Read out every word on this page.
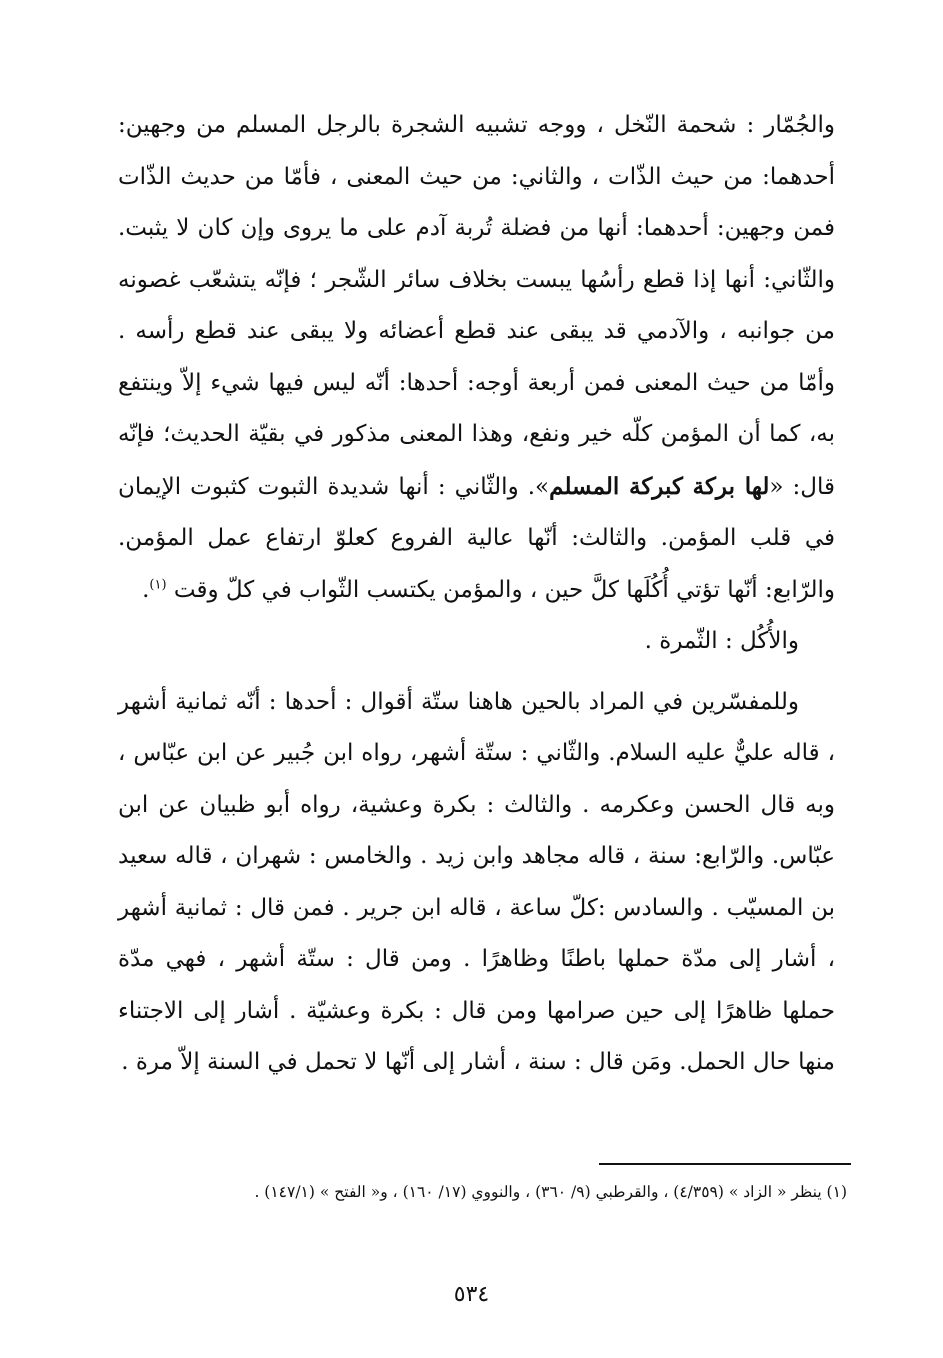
والجُمّار : شحمة النّخل ، ووجه تشبيه الشجرة بالرجل المسلم من وجهين: أحدهما: من حيث الذّات ، والثاني: من حيث المعنى ، فأمّا من حديث الذّات فمن وجهين: أحدهما: أنها من فضلة تُربة آدم على ما يروى وإن كان لا يثبت. والثّاني: أنها إذا قطع رأسُها يبست بخلاف سائر الشّجر ؛ فإنّه يتشعّب غصونه من جوانبه ، والآدمي قد يبقى عند قطع أعضائه ولا يبقى عند قطع رأسه . وأمّا من حيث المعنى فمن أربعة أوجه: أحدها: أنّه ليس فيها شيء إلاّ وينتفع به، كما أن المؤمن كلّه خير ونفع، وهذا المعنى مذكور في بقيّة الحديث؛ فإنّه قال: «لها بركة كبركة المسلم». والثّاني : أنها شديدة الثبوت كثبوت الإيمان في قلب المؤمن. والثالث: أنّها عالية الفروع كعلوّ ارتفاع عمل المؤمن. والرّابع: أنّها تؤتي أُكُلَها كلَّ حين ، والمؤمن يكتسب الثّواب في كلّ وقت $^{(١)}$.

والأُكُل : الثّمرة .

وللمفسّرين في المراد بالحين هاهنا ستّة أقوال : أحدها : أنّه ثمانية أشهر ، قاله عليٌّ عليه السلام. والثّاني : ستّة أشهر، رواه ابن جُبير عن ابن عبّاس ، وبه قال الحسن وعكرمه . والثالث : بكرة وعشية، رواه أبو ظبيان عن ابن عبّاس. والرّابع: سنة ، قاله مجاهد وابن زيد . والخامس : شهران ، قاله سعيد بن المسيّب . والسادس :كلّ ساعة ، قاله ابن جرير . فمن قال : ثمانية أشهر ، أشار إلى مدّة حملها باطنًا وظاهرًا . ومن قال : ستّة أشهر ، فهي مدّة حملها ظاهرًا إلى حين صرامها ومن قال : بكرة وعشيّة . أشار إلى الاجتناء منها حال الحمل. ومَن قال : سنة ، أشار إلى أنّها لا تحمل في السنة إلاّ مرة .

(١) ينظر « الزاد » (٤/٣٥٩) ، والقرطبي (٩/ ٣٦٠) ، والنووي (١٧/ ١٦٠) ، و« الفتح » (١٤٧/١) .
٥٣٤
